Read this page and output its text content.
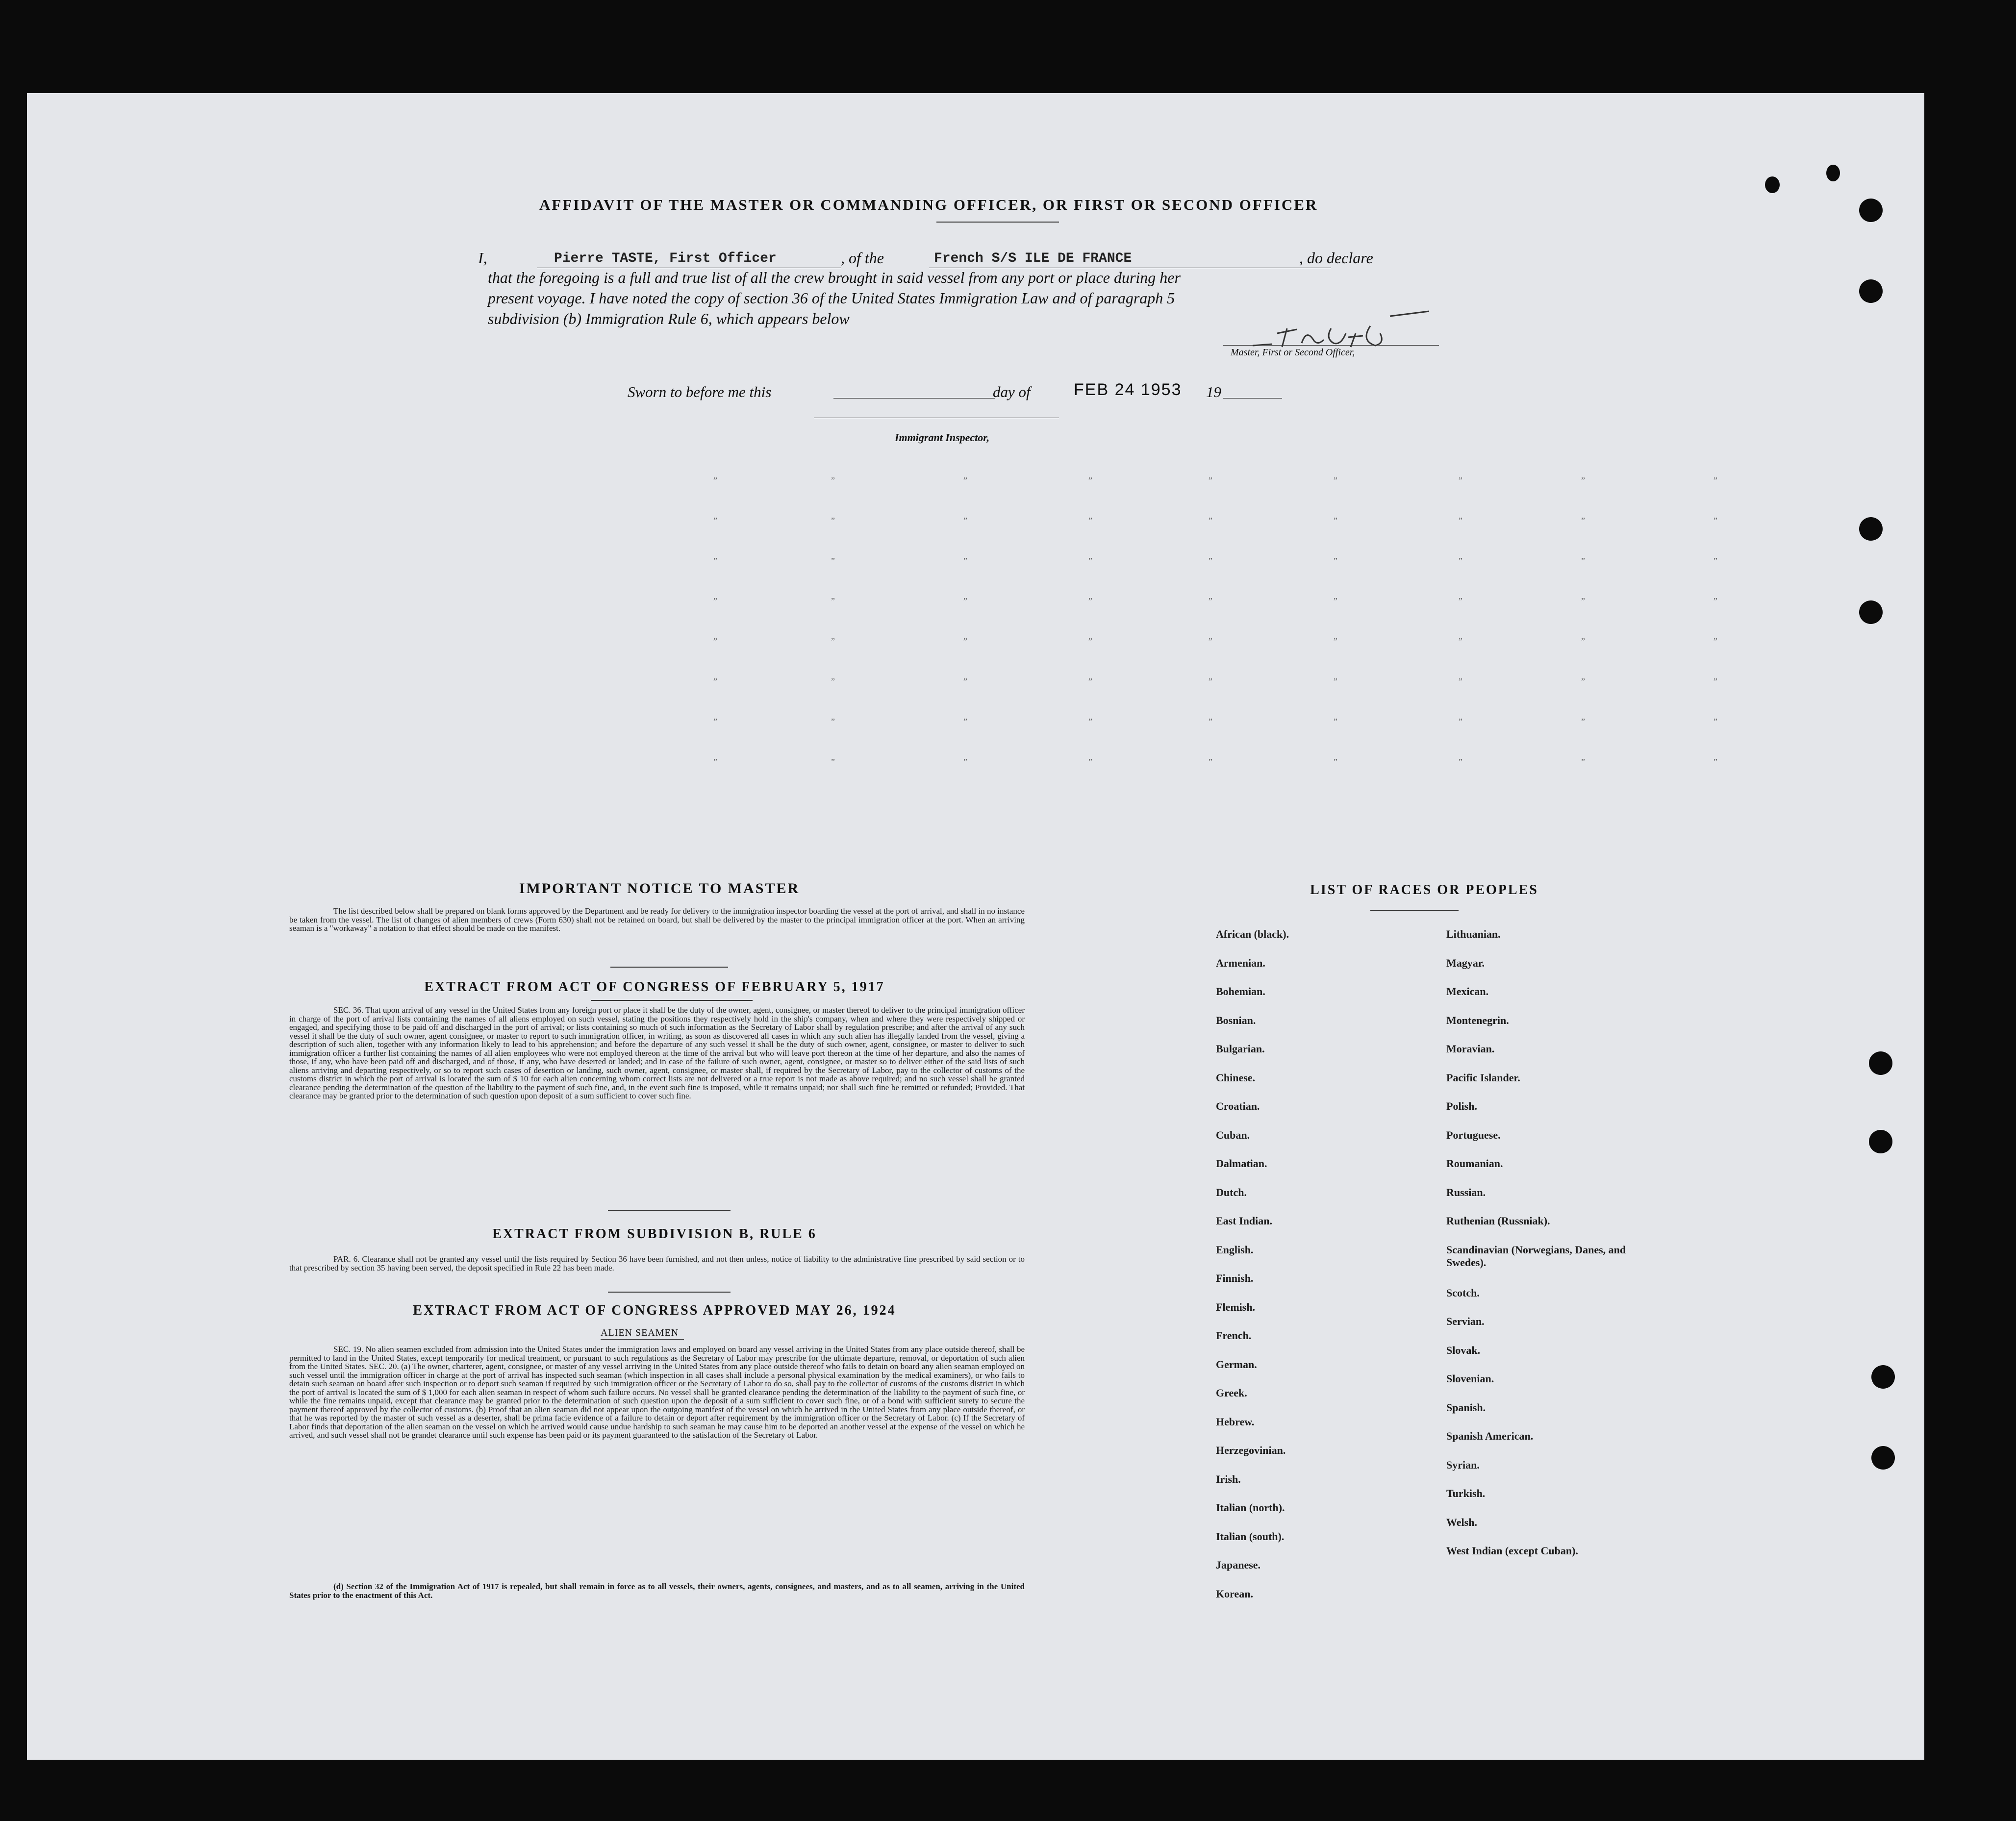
AFFIDAVIT OF THE MASTER OR COMMANDING OFFICER, OR FIRST OR SECOND OFFICER
I,	Pierre TASTE, First Officer	, of the	French S/S ILE DE FRANCE	, do declare
that the foregoing is a full and true list of all the crew brought in said vessel from any port or place during her
present voyage. I have noted the copy of section 36 of the United States Immigration Law and of paragraph 5
subdivision (b) Immigration Rule 6, which appears below
Master, First or Second Officer,
Sworn to before me this	day of	FEB 24 1953 19
Immigrant Inspector,
”	”	”	”	”	”	”	”	”
”	”	”	”	”	”	”	”	”
”	”	”	”	”	”	”	”	”
”	”	”	”	”	”	”	”	”
”	”	”	”	”	”	”	”	”
”	”	”	”	”	”	”	”	”
”	”	”	”	”	”	”	”	”
”	”	”	”	”	”	”	”	”
IMPORTANT NOTICE TO MASTER
The list described below shall be prepared on blank forms approved by the Department and be ready for delivery to the immigration inspector boarding the vessel at the port of arrival, and shall in no instance be taken from the vessel. The list of changes of alien members of crews (Form 630) shall not be retained on board, but shall be delivered by the master to the principal immigration officer at the port. When an arriving seaman is a "workaway" a notation to that effect should be made on the manifest.
EXTRACT FROM ACT OF CONGRESS OF FEBRUARY 5, 1917
SEC. 36. That upon arrival of any vessel in the United States from any foreign port or place it shall be the duty of the owner, agent, consignee, or master thereof to deliver to the principal immigration officer in charge of the port of arrival lists containing the names of all aliens employed on such vessel, stating the positions they respectively hold in the ship's company, when and where they were respectively shipped or engaged, and specifying those to be paid off and discharged in the port of arrival; or lists containing so much of such information as the Secretary of Labor shall by regulation prescribe; and after the arrival of any such vessel it shall be the duty of such owner, agent consignee, or master to report to such immigration officer, in writing, as soon as discovered all cases in which any such alien has illegally landed from the vessel, giving a description of such alien, together with any information likely to lead to his apprehension; and before the departure of any such vessel it shall be the duty of such owner, agent, consignee, or master to deliver to such immigration officer a further list containing the names of all alien employees who were not employed thereon at the time of the arrival but who will leave port thereon at the time of her departure, and also the names of those, if any, who have been paid off and discharged, and of those, if any, who have deserted or landed; and in case of the failure of such owner, agent, consignee, or master so to deliver either of the said lists of such aliens arriving and departing respectively, or so to report such cases of desertion or landing, such owner, agent, consignee, or master shall, if required by the Secretary of Labor, pay to the collector of customs of the customs district in which the port of arrival is located the sum of $ 10 for each alien concerning whom correct lists are not delivered or a true report is not made as above required; and no such vessel shall be granted clearance pending the determination of the question of the liability to the payment of such fine, and, in the event such fine is imposed, while it remains unpaid; nor shall such fine be remitted or refunded; Provided. That clearance may be granted prior to the determination of such question upon deposit of a sum sufficient to cover such fine.
EXTRACT FROM SUBDIVISION B, RULE 6
PAR. 6. Clearance shall not be granted any vessel until the lists required by Section 36 have been furnished, and not then unless, notice of liability to the administrative fine prescribed by said section or to that prescribed by section 35 having been served, the deposit specified in Rule 22 has been made.
EXTRACT FROM ACT OF CONGRESS APPROVED MAY 26, 1924
ALIEN SEAMEN
SEC. 19. No alien seamen excluded from admission into the United States under the immigration laws and employed on board any vessel arriving in the United States from any place outside thereof, shall be permitted to land in the United States, except temporarily for medical treatment, or pursuant to such regulations as the Secretary of Labor may prescribe for the ultimate departure, removal, or deportation of such alien from the United States. SEC. 20. (a) The owner, charterer, agent, consignee, or master of any vessel arriving in the United States from any place outside thereof who fails to detain on board any alien seaman employed on such vessel until the immigration officer in charge at the port of arrival has inspected such seaman (which inspection in all cases shall include a personal physical examination by the medical examiners), or who fails to detain such seaman on board after such inspection or to deport such seaman if required by such immigration officer or the Secretary of Labor to do so, shall pay to the collector of customs of the customs district in which the port of arrival is located the sum of $ 1,000 for each alien seaman in respect of whom such failure occurs. No vessel shall be granted clearance pending the determination of the liability to the payment of such fine, or while the fine remains unpaid, except that clearance may be granted prior to the determination of such question upon the deposit of a sum sufficient to cover such fine, or of a bond with sufficient surety to secure the payment thereof approved by the collector of customs. (b) Proof that an alien seaman did not appear upon the outgoing manifest of the vessel on which he arrived in the United States from any place outside thereof, or that he was reported by the master of such vessel as a deserter, shall be prima facie evidence of a failure to detain or deport after requirement by the immigration officer or the Secretary of Labor. (c) If the Secretary of Labor finds that deportation of the alien seaman on the vessel on which he arrived would cause undue hardship to such seaman he may cause him to be deported an another vessel at the expense of the vessel on which he arrived, and such vessel shall not be grandet clearance until such expense has been paid or its payment guaranteed to the satisfaction of the Secretary of Labor.
(d) Section 32 of the Immigration Act of 1917 is repealed, but shall remain in force as to all vessels, their owners, agents, consignees, and masters, and as to all seamen, arriving in the United States prior to the enactment of this Act.
LIST OF RACES OR PEOPLES
African (black).
Armenian.
Bohemian.
Bosnian.
Bulgarian.
Chinese.
Croatian.
Cuban.
Dalmatian.
Dutch.
East Indian.
English.
Finnish.
Flemish.
French.
German.
Greek.
Hebrew.
Herzegovinian.
Irish.
Italian (north).
Italian (south).
Japanese.
Korean.
Lithuanian.
Magyar.
Mexican.
Montenegrin.
Moravian.
Pacific Islander.
Polish.
Portuguese.
Roumanian.
Russian.
Ruthenian (Russniak).
Scandinavian (Norwegians, Danes, and Swedes).
Scotch.
Servian.
Slovak.
Slovenian.
Spanish.
Spanish American.
Syrian.
Turkish.
Welsh.
West Indian (except Cuban).
